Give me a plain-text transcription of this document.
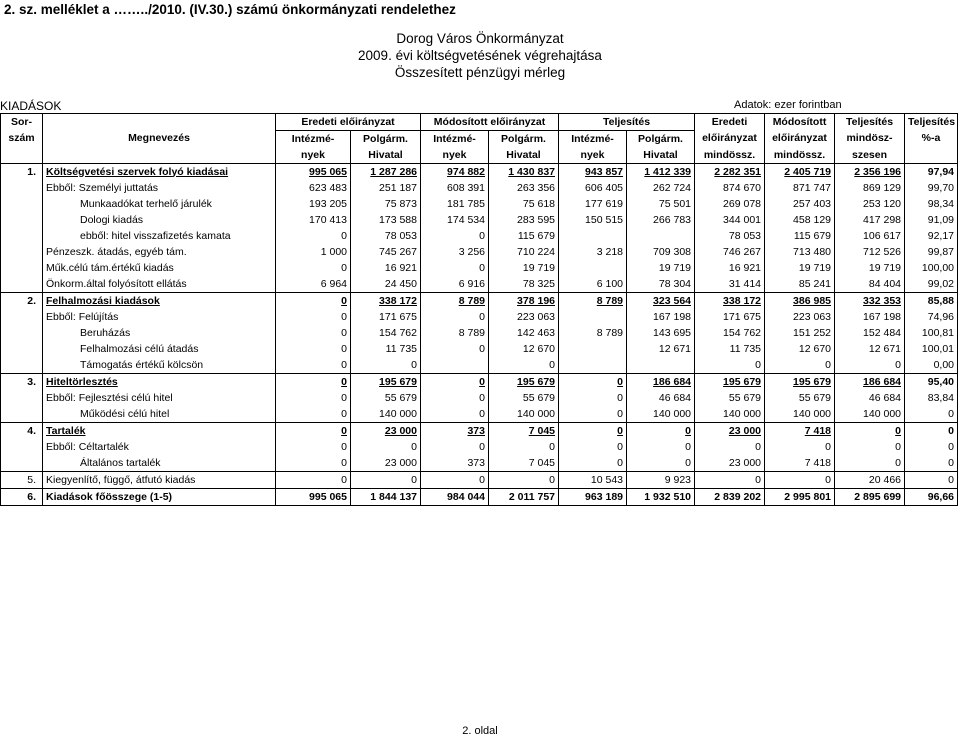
2. sz. melléklet a ……../2010. (IV.30.) számú önkormányzati rendelethez
Dorog Város Önkormányzat
2009. évi költségvetésének végrehajtása
Összesített pénzügyi mérleg
KIADÁSOK	Adatok: ezer forintban
Sor-		Eredeti előirányzat		Módosított előirányzat		Teljesítés		Eredeti	Módosított	Teljesítés	Teljesítés
szám	Megnevezés	Intézmé-	Polgárm.	Intézmé-	Polgárm.	Intézmé-	Polgárm.	előirányzat	előirányzat	mindösz-	%-a
		nyek	Hivatal	nyek	Hivatal	nyek	Hivatal	mindössz.	mindössz.	szesen	
1.	Költségvetési szervek folyó kiadásai	995 065	1 287 286	974 882	1 430 837	943 857	1 412 339	2 282 351	2 405 719	2 356 196	97,94
	Ebből: Személyi juttatás	623 483	251 187	608 391	263 356	606 405	262 724	874 670	871 747	869 129	99,70
	Munkaadókat terhelő járulék	193 205	75 873	181 785	75 618	177 619	75 501	269 078	257 403	253 120	98,34
	Dologi kiadás	170 413	173 588	174 534	283 595	150 515	266 783	344 001	458 129	417 298	91,09
	ebből: hitel visszafizetés kamata	0	78 053	0	115 679			78 053	115 679	106 617	92,17
	Pénzeszk. átadás, egyéb tám.	1 000	745 267	3 256	710 224	3 218	709 308	746 267	713 480	712 526	99,87
	Műk.célú tám.értékű kiadás	0	16 921	0	19 719		19 719	16 921	19 719	19 719	100,00
	Önkorm.által folyósított ellátás	6 964	24 450	6 916	78 325	6 100	78 304	31 414	85 241	84 404	99,02
2.	Felhalmozási kiadások	0	338 172	8 789	378 196	8 789	323 564	338 172	386 985	332 353	85,88
	Ebből: Felújítás	0	171 675	0	223 063		167 198	171 675	223 063	167 198	74,96
	Beruházás	0	154 762	8 789	142 463	8 789	143 695	154 762	151 252	152 484	100,81
	Felhalmozási célú átadás	0	11 735	0	12 670		12 671	11 735	12 670	12 671	100,01
	Támogatás értékű kölcsön	0	0		0			0	0	0	0,00
3.	Hiteltörlesztés	0	195 679	0	195 679	0	186 684	195 679	195 679	186 684	95,40
	Ebből: Fejlesztési célú hitel	0	55 679	0	55 679	0	46 684	55 679	55 679	46 684	83,84
	Működési célú hitel	0	140 000	0	140 000	0	140 000	140 000	140 000	140 000	0
4.	Tartalék	0	23 000	373	7 045	0	0	23 000	7 418	0	0
	Ebből: Céltartalék	0	0	0	0	0	0	0	0	0	0
	Általános tartalék	0	23 000	373	7 045	0	0	23 000	7 418	0	0
5.	Kiegyenlítő, függő, átfutó kiadás	0	0	0	0	10 543	9 923	0	0	20 466	0
6.	Kiadások főösszege (1-5)	995 065	1 844 137	984 044	2 011 757	963 189	1 932 510	2 839 202	2 995 801	2 895 699	96,66
2. oldal
